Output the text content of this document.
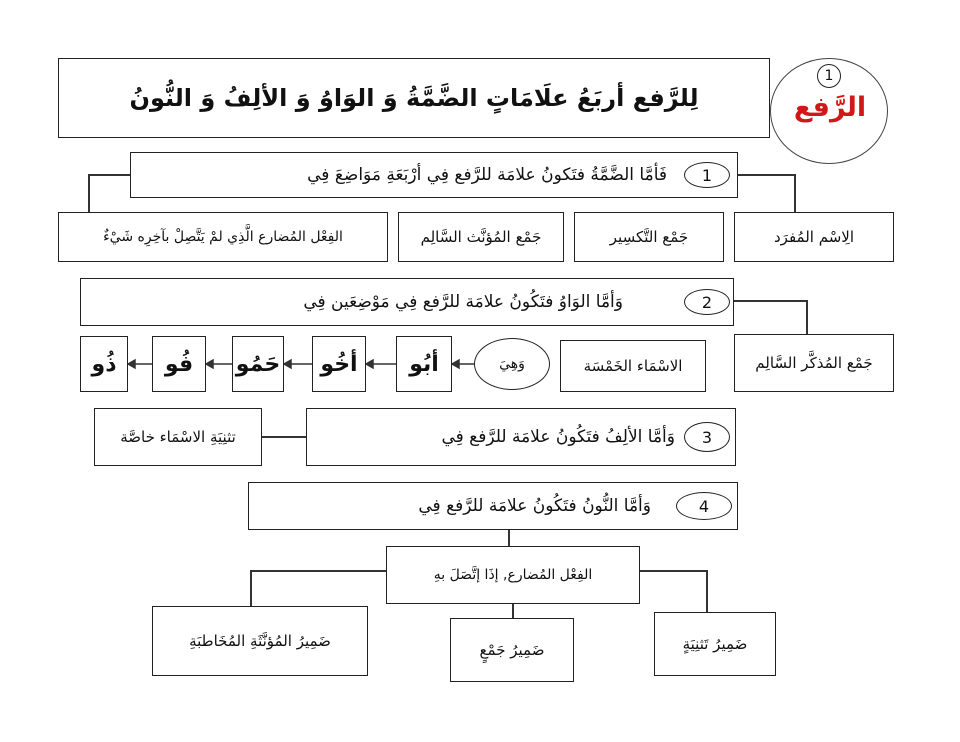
لِلرَّفع أربَعُ علَامَاتٍ الضَّمَّةُ وَ الوَاوُ وَ الألِفُ وَ النُّونُ
1
الرَّفع
فَأمَّا الضَّمَّةُ فتَكونُ علامَة للرَّفع فِي أرْبَعَةِ مَوَاضِعَ فِي	1
الِاسْم المُفرَد
جَمْع التَّكسِير
جَمْع المُؤنَّث السَّالِم
الفِعْل المُضارع الَّذِي لمْ يَتَّصِلْ بآخِرِه شَيْءٌ
وَأمَّا الوَاوُ فتَكُونُ علامَة للرَّفع فِي مَوْضِعَين فِي	2
جَمْع المُذكَّر السَّالِم
الاسْمَاء الخَمْسَة
وَهِيَ
أبُو
أخُو
حَمُو
فُو
ذُو
وَأمَّا الألِفُ فتَكُونُ علامَة للرَّفع فِي	3
تثنِيَةِ الاسْمَاء خاصَّة
وَأمَّا النُّونُ فتَكُونُ علامَة للرَّفع فِي	4
الفِعْل المُضارع, إذَا إتَّصَلَ بهِ
ضَمِيرُ تَثنِيَةٍ
ضَمِيرُ جَمْعٍ
ضَمِيرُ المُؤنَّثَةِ المُخَاطبَةِ
